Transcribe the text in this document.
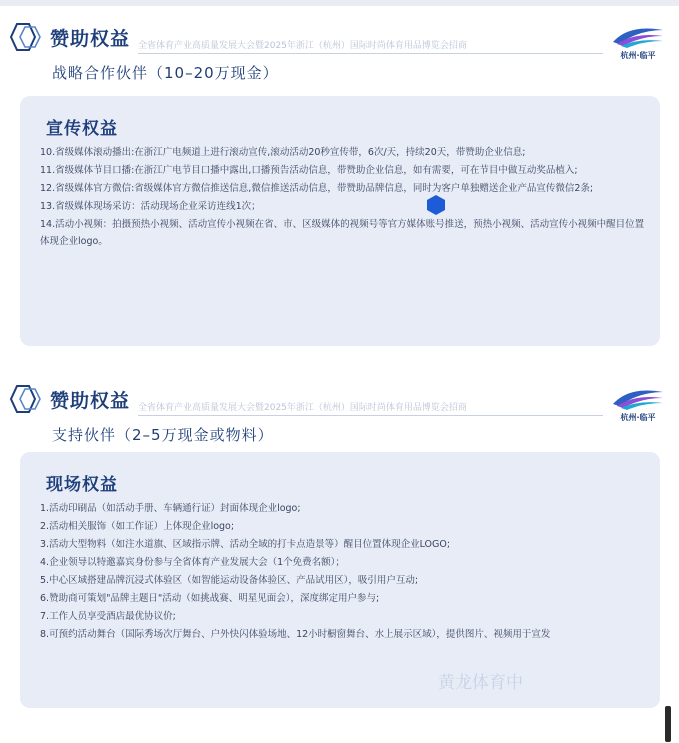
赞助权益 全省体育产业高质量发展大会暨2025年浙江（杭州）国际时尚体育用品博览会招商
杭州·临平
战略合作伙伴（10–20万现金）
宣传权益
10.省级媒体滚动播出:在浙江广电频道上进行滚动宣传,滚动活动20秒宣传带，6次/天，持续20天，带赞助企业信息;
11.省级媒体节目口播:在浙江广电节目口播中露出,口播预告活动信息，带赞助企业信息，如有需要，可在节目中做互动奖品植入;
12.省级媒体官方微信:省级媒体官方微信推送信息,微信推送活动信息，带赞助品牌信息，同时为客户单独赠送企业产品宣传微信2条;
13.省级媒体现场采访：活动现场企业采访连线1次；
14.活动小视频：拍摄预热小视频、活动宣传小视频在省、市、区级媒体的视频号等官方媒体账号推送，预热小视频、活动宣传小视频中醒目位置体现企业logo。
赞助权益 全省体育产业高质量发展大会暨2025年浙江（杭州）国际时尚体育用品博览会招商
杭州·临平
支持伙伴（2–5万现金或物料）
现场权益
1.活动印刷品（如活动手册、车辆通行证）封面体现企业logo;
2.活动相关服饰（如工作证）上体现企业logo;
3.活动大型物料（如注水道旗、区域指示牌、活动全域的打卡点造景等）醒目位置体现企业LOGO;
4.企业领导以特邀嘉宾身份参与全省体育产业发展大会（1个免费名额）；
5.中心区域搭建品牌沉浸式体验区（如智能运动设备体验区、产品试用区），吸引用户互动;
6.赞助商可策划"品牌主题日"活动（如挑战赛、明星见面会），深度绑定用户参与;
7.工作人员享受酒店最优协议价;
8.可预约活动舞台（国际秀场次厅舞台、户外快闪体验场地、12小时橱窗舞台、水上展示区域），提供图片、视频用于宣发
黄龙体育中
